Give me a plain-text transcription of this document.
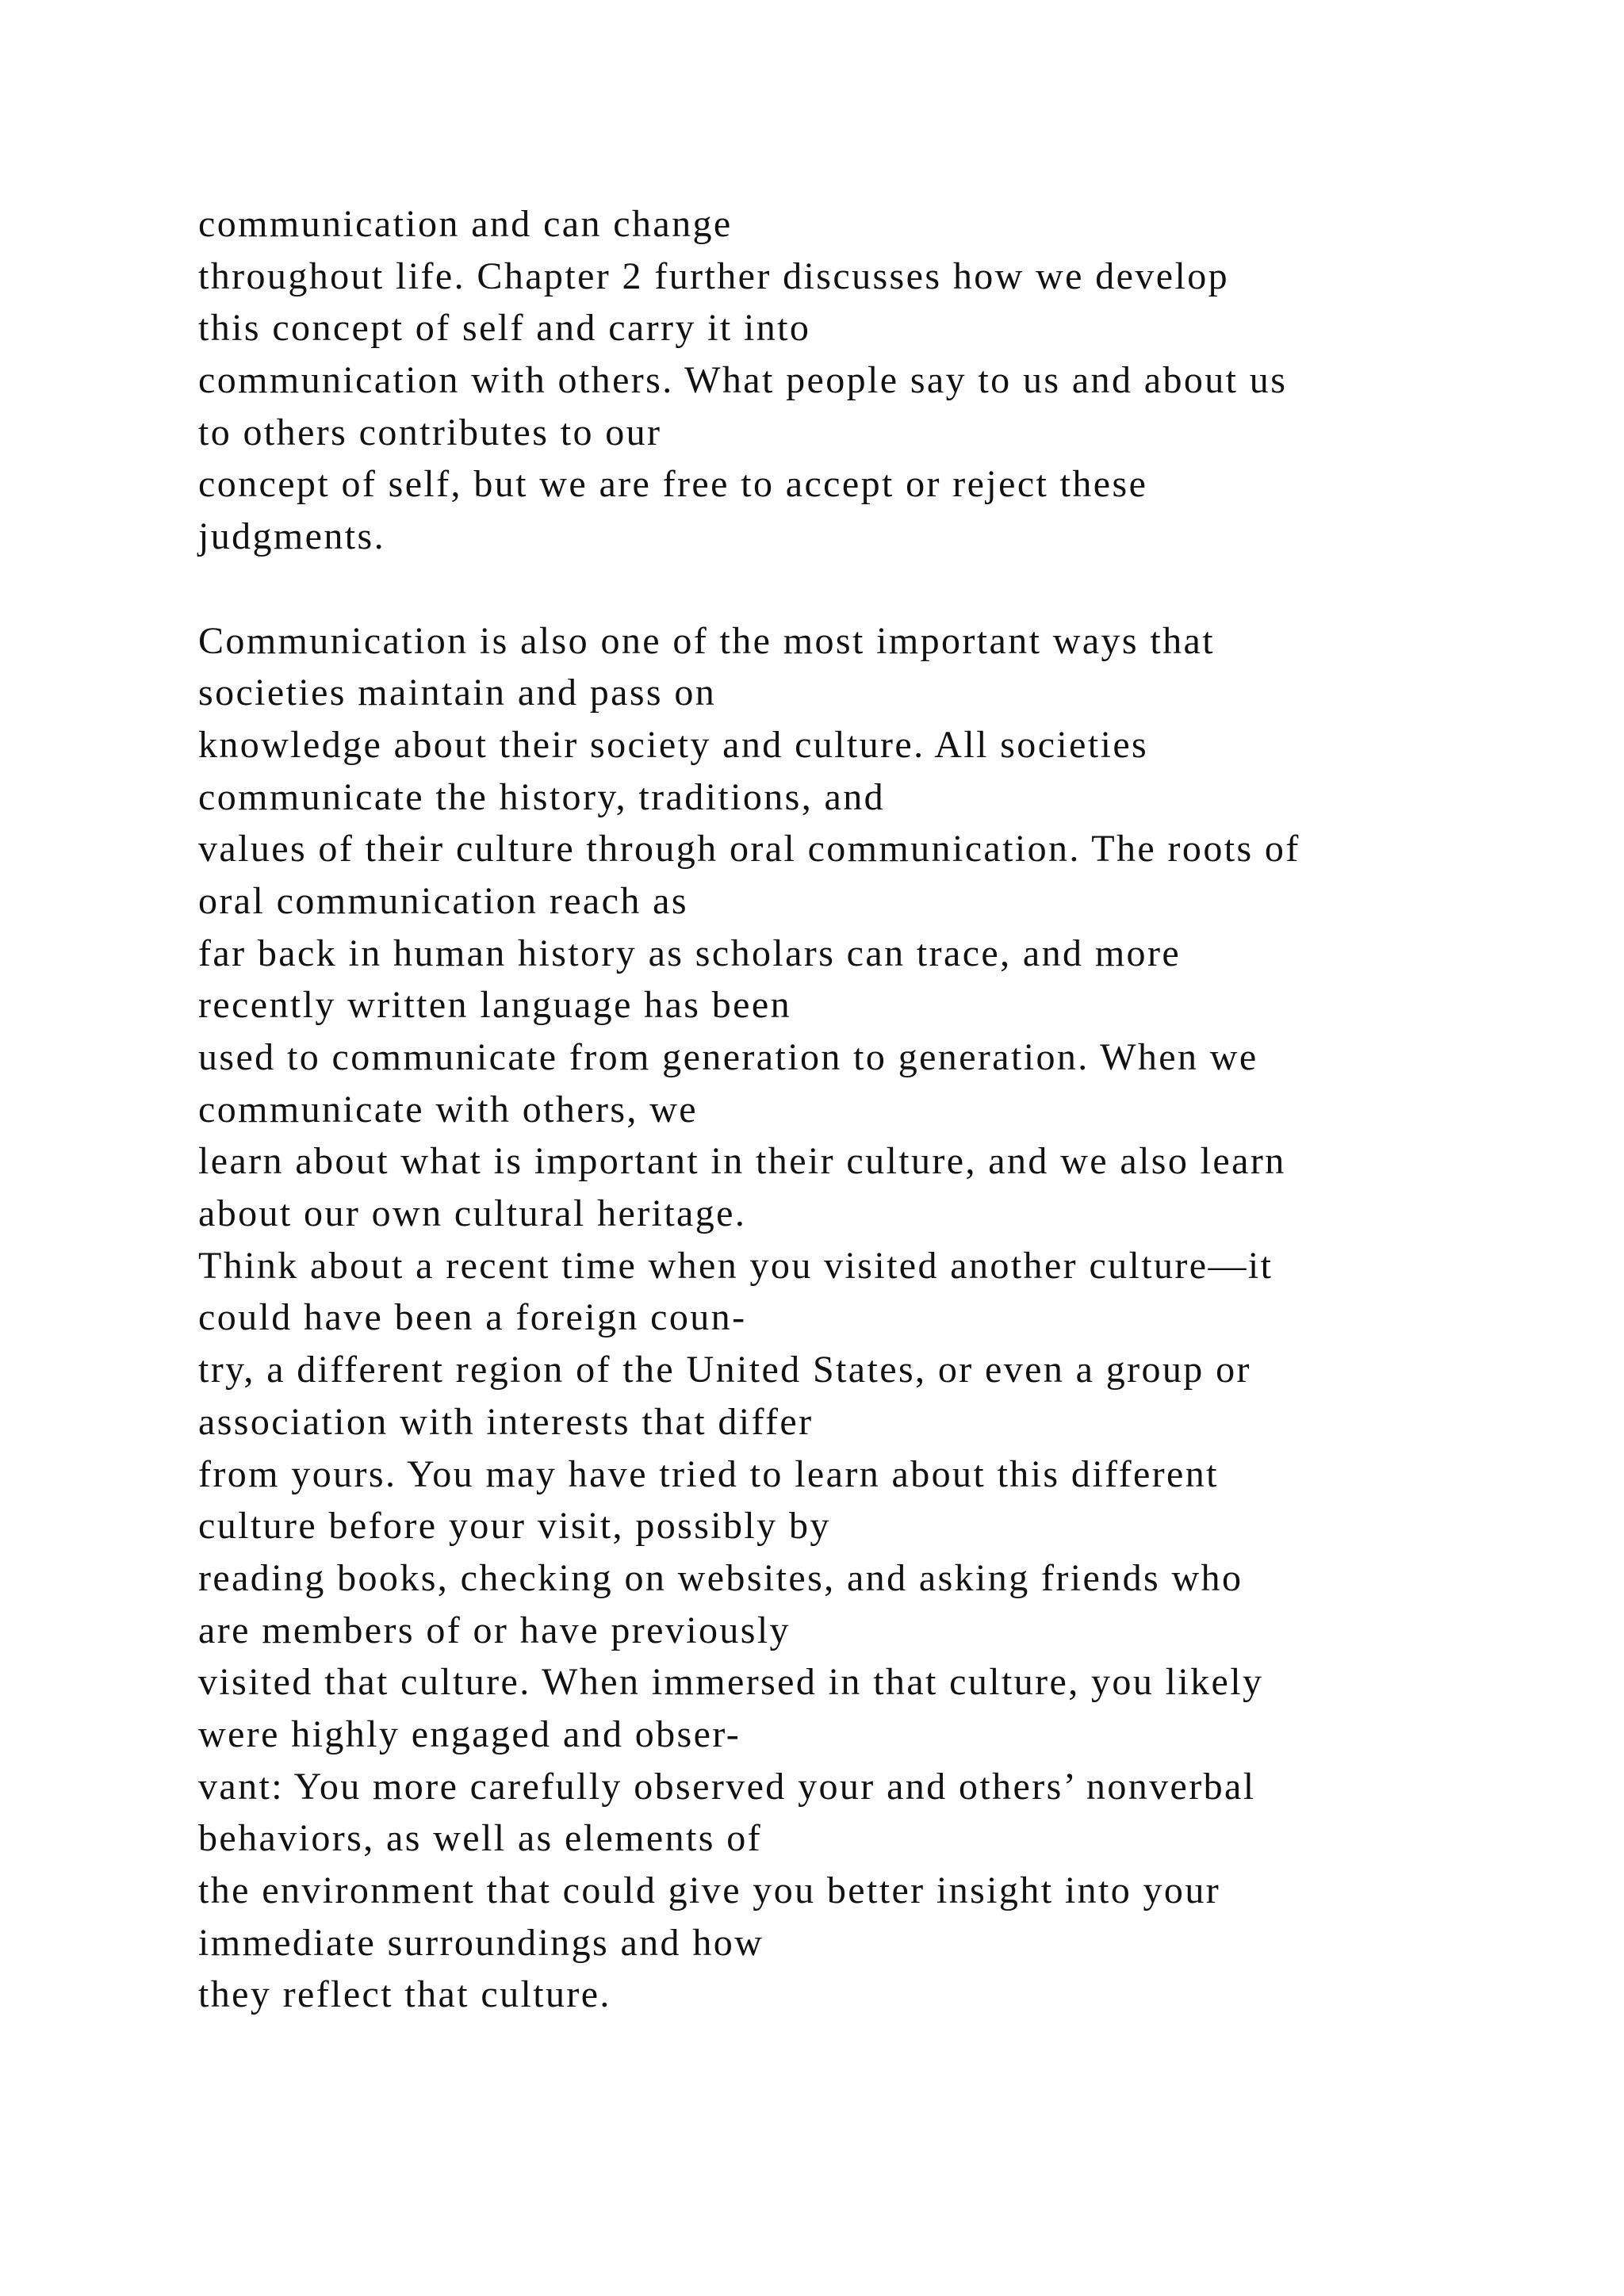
communication and can change
throughout life. Chapter 2 further discusses how we develop
this concept of self and carry it into
communication with others. What people say to us and about us
to others contributes to our
concept of self, but we are free to accept or reject these
judgments.
Communication is also one of the most important ways that
societies maintain and pass on
knowledge about their society and culture. All societies
communicate the history, traditions, and
values of their culture through oral communication. The roots of
oral communication reach as
far back in human history as scholars can trace, and more
recently written language has been
used to communicate from generation to generation. When we
communicate with others, we
learn about what is important in their culture, and we also learn
about our own cultural heritage.
Think about a recent time when you visited another culture—it
could have been a foreign coun-
try, a different region of the United States, or even a group or
association with interests that differ
from yours. You may have tried to learn about this different
culture before your visit, possibly by
reading books, checking on websites, and asking friends who
are members of or have previously
visited that culture. When immersed in that culture, you likely
were highly engaged and obser-
vant: You more carefully observed your and others’ nonverbal
behaviors, as well as elements of
the environment that could give you better insight into your
immediate surroundings and how
they reflect that culture.
